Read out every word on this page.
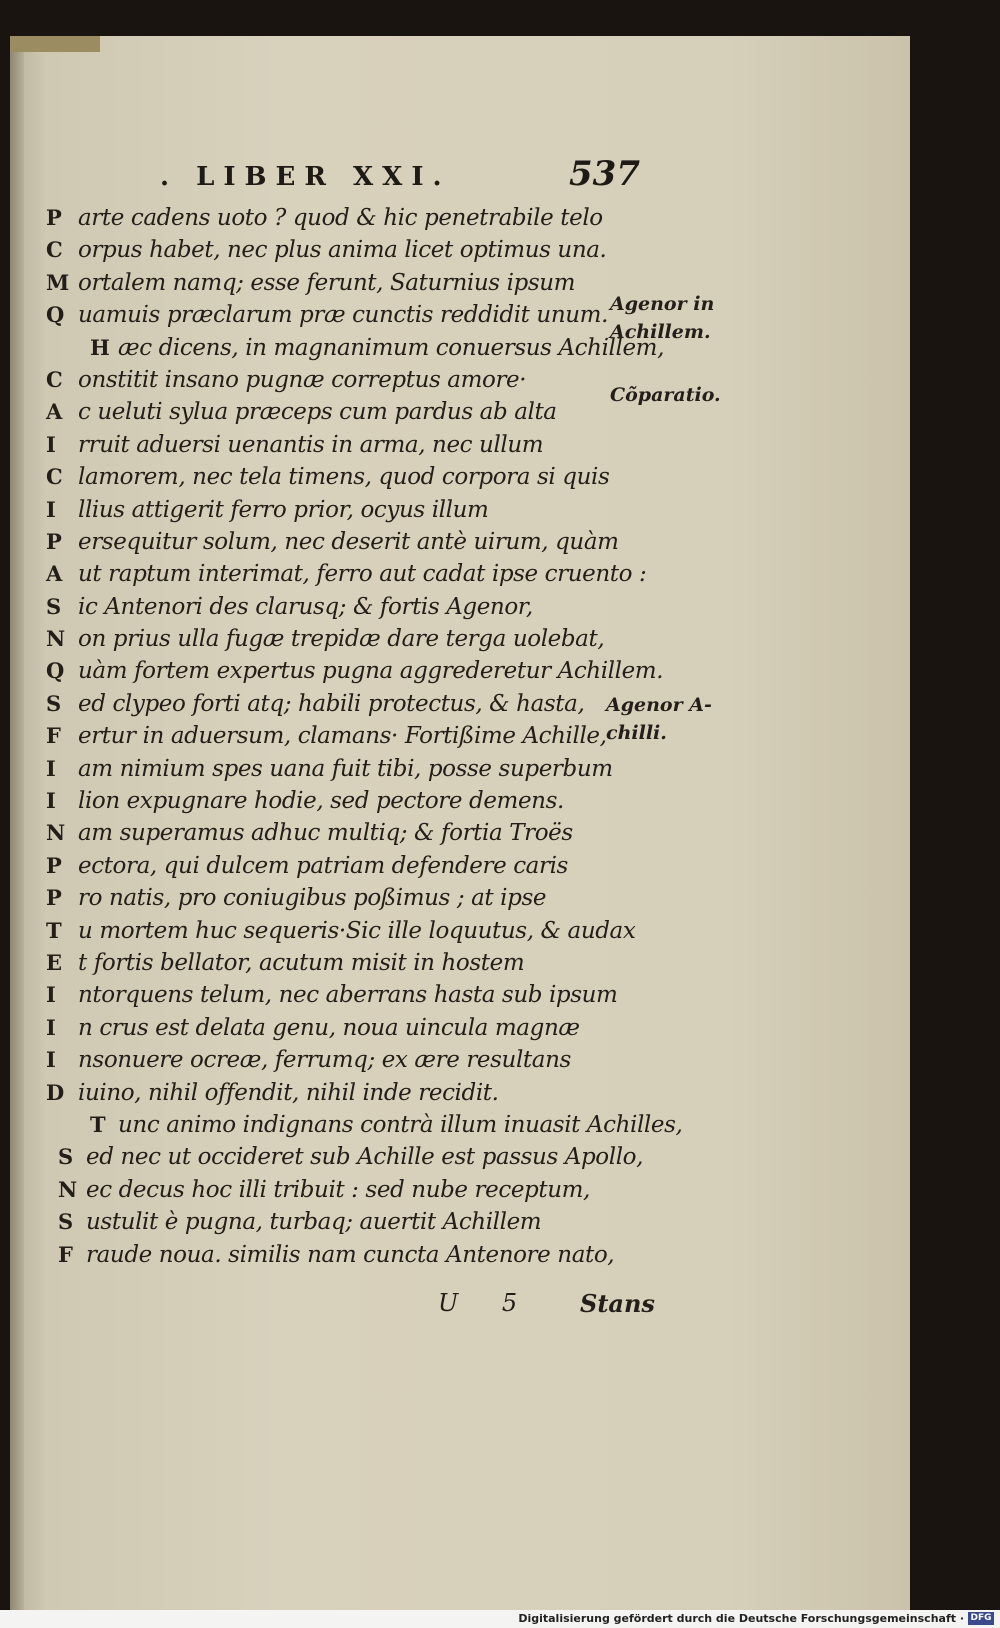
. LIBER XXI.	537
P arte cadens uoto ? quod & hic penetrabile telo
C orpus habet, nec plus anima licet optimus una.
M ortalem namq; esse ferunt, Saturnius ipsum
Q uamuis præclarum præ cunctis reddidit unum.
H æc dicens, in magnanimum conuersus Achillem,
C onstitit insano pugnæ correptus amore·
A c ueluti sylua præceps cum pardus ab alta
I rruit aduersi uenantis in arma, nec ullum
C lamorem, nec tela timens, quod corpora si quis
I llius attigerit ferro prior, ocyus illum
P ersequitur solum, nec deserit antè uirum, quàm
A ut raptum interimat, ferro aut cadat ipse cruento :
S ic Antenori des clarusq; & fortis Agenor,
N on prius ulla fugæ trepidæ dare terga uolebat,
Q uàm fortem expertus pugna aggrederetur Achillem.
S ed clypeo forti atq; habili protectus, & hasta,
F ertur in aduersum, clamans· Fortißime Achille,
I am nimium spes uana fuit tibi, posse superbum
I lion expugnare hodie, sed pectore demens.
N am superamus adhuc multiq; & fortia Troës
P ectora, qui dulcem patriam defendere caris
P ro natis, pro coniugibus poßimus ; at ipse
T u mortem huc sequeris·Sic ille loquutus, & audax
E t fortis bellator, acutum misit in hostem
I ntorquens telum, nec aberrans hasta sub ipsum
I n crus est delata genu, noua uincula magnæ
I nsonuere ocreæ, ferrumq; ex ære resultans
D iuino, nihil offendit, nihil inde recidit.
T unc animo indignans contrà illum inuasit Achilles,
S ed nec ut occideret sub Achille est passus Apollo,
N ec decus hoc illi tribuit : sed nube receptum,
S ustulit è pugna, turbaq; auertit Achillem
F raude noua. similis nam cuncta Antenore nato,
Agenor in
Achillem.
Cõparatio.
Agenor A-
chilli.
U 5 Stans
Digitalisierung gefördert durch die Deutsche Forschungsgemeinschaft · DFG
